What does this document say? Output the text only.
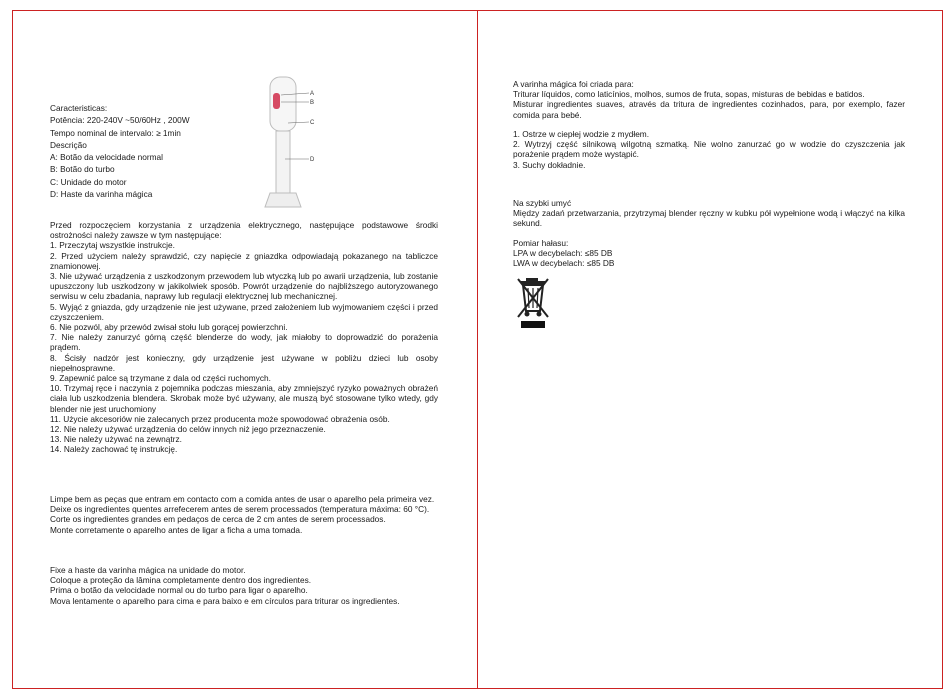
Caracteristicas:
Potência: 220-240V ~50/60Hz , 200W
Tempo nominal de intervalo: ≥ 1min
Descrição
A: Botão da velocidade normal
B: Botão do turbo
C: Unidade do motor
D: Haste da varinha mágica
A
B
C
D
Przed rozpoczęciem korzystania z urządzenia elektrycznego, następujące podstawowe środki ostrożności należy zawsze w tym następujące:
1. Przeczytaj wszystkie instrukcje.
2. Przed użyciem należy sprawdzić, czy napięcie z gniazdka odpowiadają pokazanego na tabliczce znamionowej.
3. Nie używać urządzenia z uszkodzonym przewodem lub wtyczką lub po awarii urządzenia, lub zostanie upuszczony lub uszkodzony w jakikolwiek sposób. Powrót urządzenie do najbliższego autoryzowanego serwisu w celu zbadania, naprawy lub regulacji elektrycznej lub mechanicznej.
5. Wyjąć z gniazda, gdy urządzenie nie jest używane, przed założeniem lub wyjmowaniem części i przed czyszczeniem.
6. Nie pozwól, aby przewód zwisał stołu lub gorącej powierzchni.
7. Nie należy zanurzyć górną część blenderze do wody, jak miałoby to doprowadzić do porażenia prądem.
8. Ścisły nadzór jest konieczny, gdy urządzenie jest używane w pobliżu dzieci lub osoby niepełnosprawne.
9. Zapewnić palce są trzymane z dala od części ruchomych.
10. Trzymaj ręce i naczynia z pojemnika podczas mieszania, aby zmniejszyć ryzyko poważnych obrażeń ciała lub uszkodzenia blendera. Skrobak może być używany, ale muszą być stosowane tylko wtedy, gdy blender nie jest uruchomiony
11. Użycie akcesoriów nie zalecanych przez producenta może spowodować obrażenia osób.
12. Nie należy używać urządzenia do celów innych niż jego przeznaczenie.
13. Nie należy używać na zewnątrz.
14. Należy zachować tę instrukcję.
Limpe bem as peças que entram em contacto com a comida antes de usar o aparelho pela primeira vez.
Deixe os ingredientes quentes arrefecerem antes de serem processados (temperatura máxima: 60 °C).
Corte os ingredientes grandes em pedaços de cerca de 2 cm antes de serem processados.
Monte corretamente o aparelho antes de ligar a ficha a uma tomada.
Fixe a haste da varinha mágica na unidade do motor.
Coloque a proteção da lâmina completamente dentro dos ingredientes.
Prima o botão da velocidade normal ou do turbo para ligar o aparelho.
Mova lentamente o aparelho para cima e para baixo e em círculos para triturar os ingredientes.
A varinha mágica foi criada para:
Triturar líquidos, como laticínios, molhos, sumos de fruta, sopas, misturas de bebidas e batidos.
Misturar ingredientes suaves, através da tritura de ingredientes cozinhados, para, por exemplo, fazer comida para bebé.
1. Ostrze w ciepłej wodzie z mydłem.
2. Wytrzyj część silnikową wilgotną szmatką. Nie wolno zanurzać go w wodzie do czyszczenia jak porażenie prądem może wystąpić.
3. Suchy dokładnie.
Na szybki umyć
Między zadań przetwarzania, przytrzymaj blender ręczny w kubku pół wypełnione wodą i włączyć na kilka sekund.
Pomiar hałasu:
LPA w decybelach: ≤85 DB
LWA w decybelach: ≤85 DB
